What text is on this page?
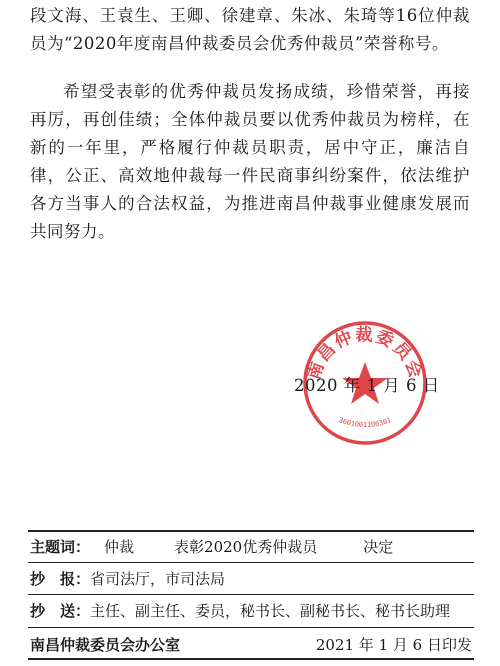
段文海、王袁生、王卿、徐建章、朱冰、朱琦等16位仲裁员为“2020年度南昌仲裁委员会优秀仲裁员”荣誉称号。

希望受表彰的优秀仲裁员发扬成绩，珍惜荣誉，再接再厉，再创佳绩；全体仲裁员要以优秀仲裁员为榜样，在新的一年里，严格履行仲裁员职责，居中守正，廉洁自律，公正、高效地仲裁每一件民商事纠纷案件，依法维护各方当事人的合法权益，为推进南昌仲裁事业健康发展而共同努力。

南昌仲裁委员会
3601001106301
2020 年 1 月 6 日
主题词： 仲裁	表彰2020优秀仲裁员	决定
抄　报：省司法厅，市司法局
抄　送：主任、副主任、委员，秘书长、副秘书长、秘书长助理
南昌仲裁委员会办公室	2021 年 1 月 6 日印发
